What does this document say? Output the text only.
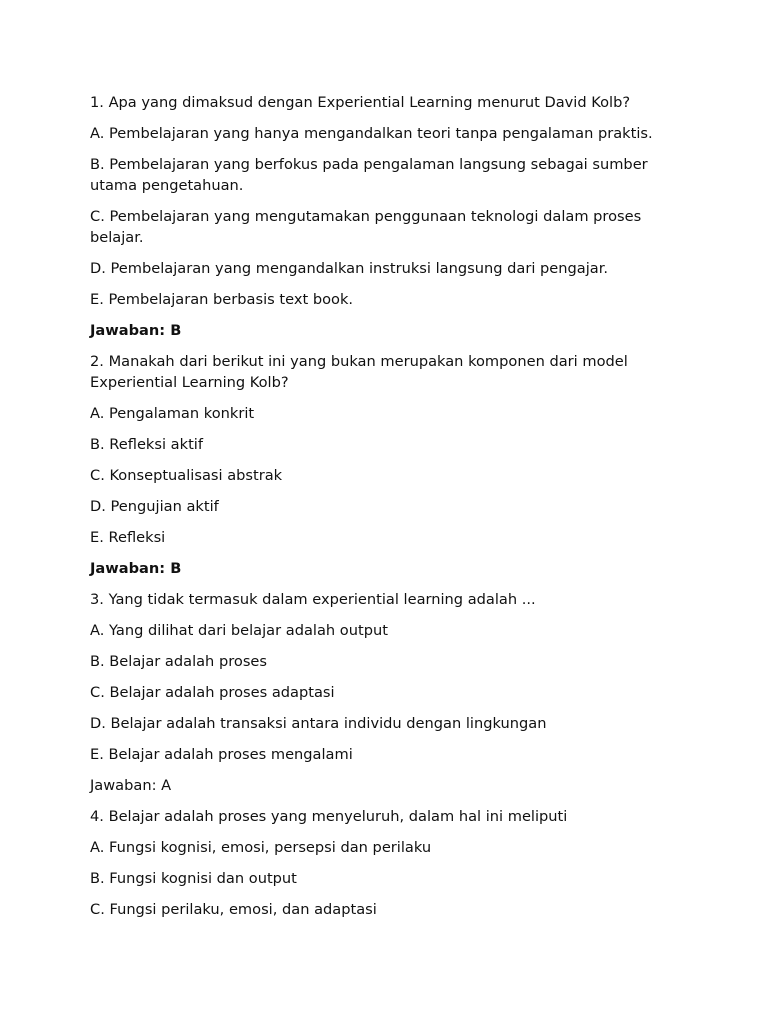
1. Apa yang dimaksud dengan Experiential Learning menurut David Kolb?

A. Pembelajaran yang hanya mengandalkan teori tanpa pengalaman praktis.

B. Pembelajaran yang berfokus pada pengalaman langsung sebagai sumber utama pengetahuan.

C. Pembelajaran yang mengutamakan penggunaan teknologi dalam proses belajar.

D. Pembelajaran yang mengandalkan instruksi langsung dari pengajar.

E. Pembelajaran berbasis text book.

Jawaban: B

2. Manakah dari berikut ini yang bukan merupakan komponen dari model Experiential Learning Kolb?

A. Pengalaman konkrit

B. Refleksi aktif

C. Konseptualisasi abstrak

D. Pengujian aktif

E. Refleksi

Jawaban: B

3. Yang tidak termasuk dalam experiential learning adalah ...

A. Yang dilihat dari belajar adalah output

B. Belajar adalah proses

C. Belajar adalah proses adaptasi

D. Belajar adalah transaksi antara individu dengan lingkungan

E. Belajar adalah proses mengalami

Jawaban: A

4. Belajar adalah proses yang menyeluruh, dalam hal ini meliputi

A. Fungsi kognisi, emosi, persepsi dan perilaku

B. Fungsi kognisi dan output

C. Fungsi perilaku, emosi, dan adaptasi
